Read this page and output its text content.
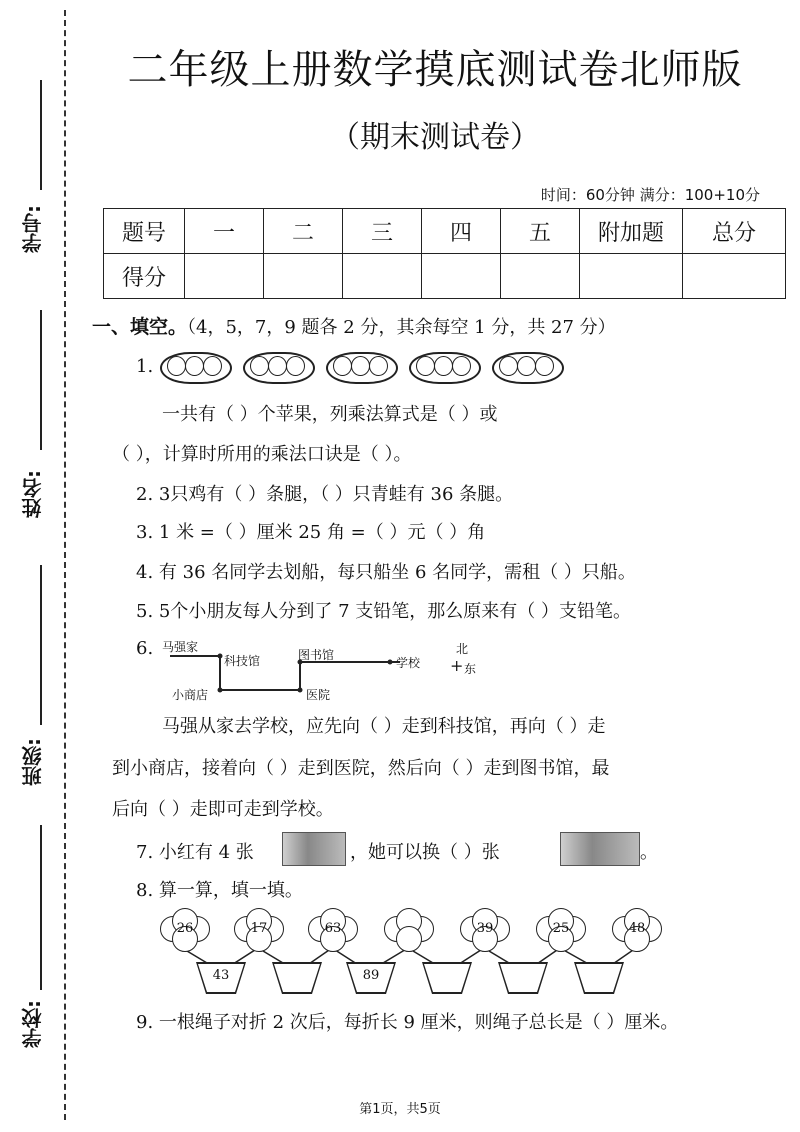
学号:
姓名:
班级:
学校:
二年级上册数学摸底测试卷北师版
（期末测试卷）
时间：60分钟 满分：100+10分
题号	一	二	三	四	五	附加题	总分
得分							
一、填空。（4，5，7，9 题各 2 分，其余每空 1 分，共 27 分）
1.

一共有（ ）个苹果，列乘法算式是（ ）或
（ ），计算时所用的乘法口诀是（ ）。
2. 3只鸡有（ ）条腿，（ ）只青蛙有 36 条腿。
3. 1 米 =（ ）厘米 25 角 =（ ）元（ ）角
4. 有 36 名同学去划船，每只船坐 6 名同学，需租（ ）只船。
5. 5个小朋友每人分到了 7 支铅笔，那么原来有（ ）支铅笔。
6. 马强家
科技馆	图书馆
学校
小商店	医院
北
+ 东
马强从家去学校，应先向（ ）走到科技馆，再向（ ）走
到小商店，接着向（ ）走到医院，然后向（ ）走到图书馆，最
后向（ ）走即可走到学校。
7. 小红有 4 张	，她可以换（ ）张	。
8. 算一算，填一填。
26	17	63	39	25	48
43	89
9. 一根绳子对折 2 次后，每折长 9 厘米，则绳子总长是（ ）厘米。
第1页，共5页
